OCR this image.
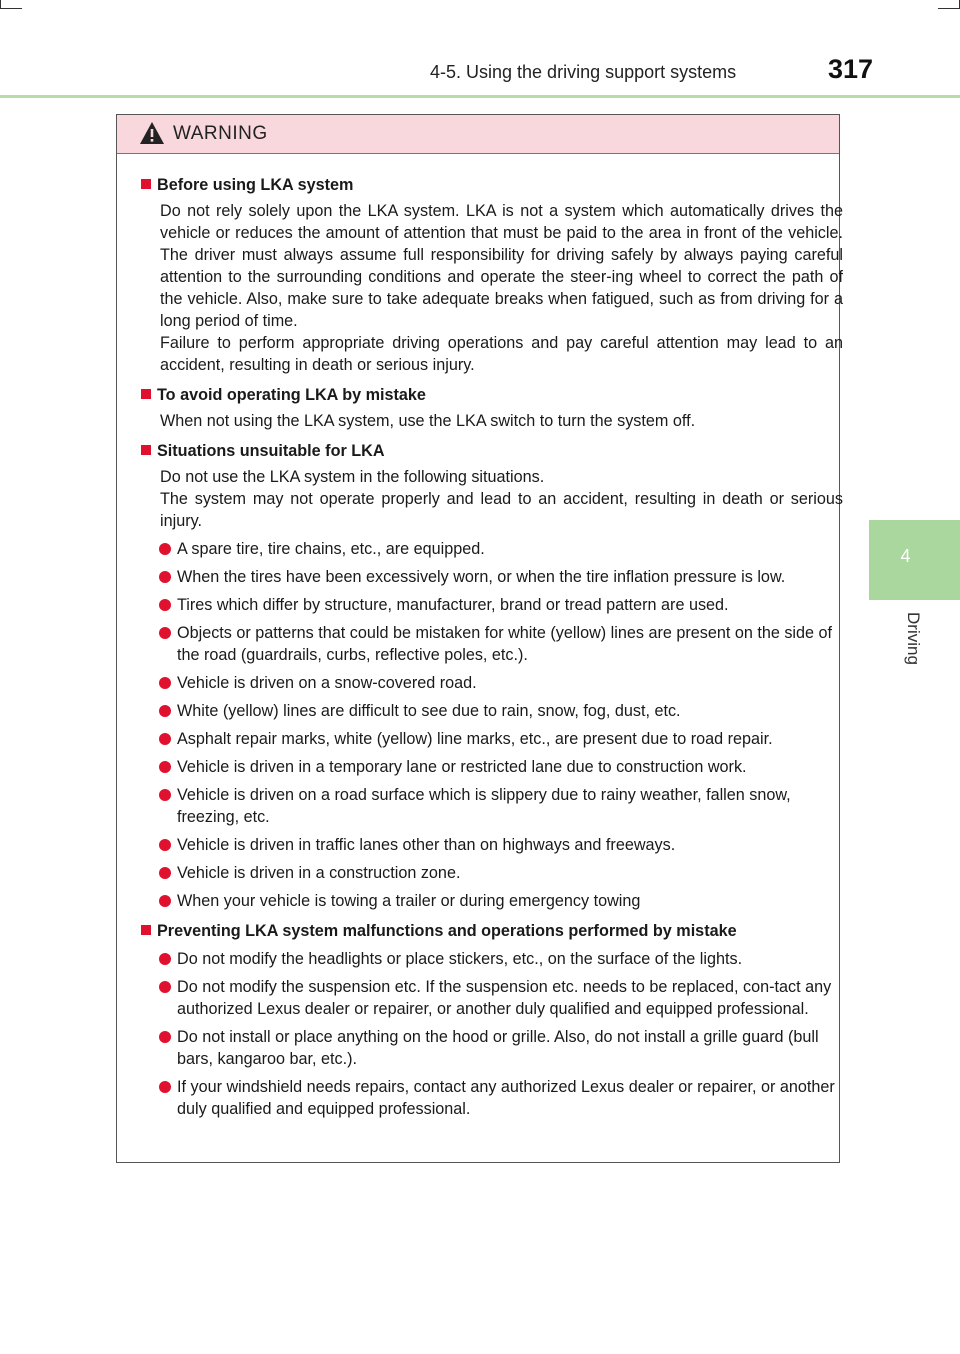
4-5. Using the driving support systems	317
4
Driving
WARNING
Before using LKA system

Do not rely solely upon the LKA system. LKA is not a system which automatically drives the vehicle or reduces the amount of attention that must be paid to the area in front of the vehicle. The driver must always assume full responsibility for driving safely by always paying careful attention to the surrounding conditions and operate the steer-ing wheel to correct the path of the vehicle. Also, make sure to take adequate breaks when fatigued, such as from driving for a long period of time.

Failure to perform appropriate driving operations and pay careful attention may lead to an accident, resulting in death or serious injury.

To avoid operating LKA by mistake

When not using the LKA system, use the LKA switch to turn the system off.

Situations unsuitable for LKA

Do not use the LKA system in the following situations.

The system may not operate properly and lead to an accident, resulting in death or serious injury.

A spare tire, tire chains, etc., are equipped.
When the tires have been excessively worn, or when the tire inflation pressure is low.
Tires which differ by structure, manufacturer, brand or tread pattern are used.
Objects or patterns that could be mistaken for white (yellow) lines are present on the side of the road (guardrails, curbs, reflective poles, etc.).
Vehicle is driven on a snow-covered road.
White (yellow) lines are difficult to see due to rain, snow, fog, dust, etc.
Asphalt repair marks, white (yellow) line marks, etc., are present due to road repair.
Vehicle is driven in a temporary lane or restricted lane due to construction work.
Vehicle is driven on a road surface which is slippery due to rainy weather, fallen snow, freezing, etc.
Vehicle is driven in traffic lanes other than on highways and freeways.
Vehicle is driven in a construction zone.
When your vehicle is towing a trailer or during emergency towing
Preventing LKA system malfunctions and operations performed by mistake
Do not modify the headlights or place stickers, etc., on the surface of the lights.
Do not modify the suspension etc. If the suspension etc. needs to be replaced, con-tact any authorized Lexus dealer or repairer, or another duly qualified and equipped professional.
Do not install or place anything on the hood or grille. Also, do not install a grille guard (bull bars, kangaroo bar, etc.).
If your windshield needs repairs, contact any authorized Lexus dealer or repairer, or another duly qualified and equipped professional.
